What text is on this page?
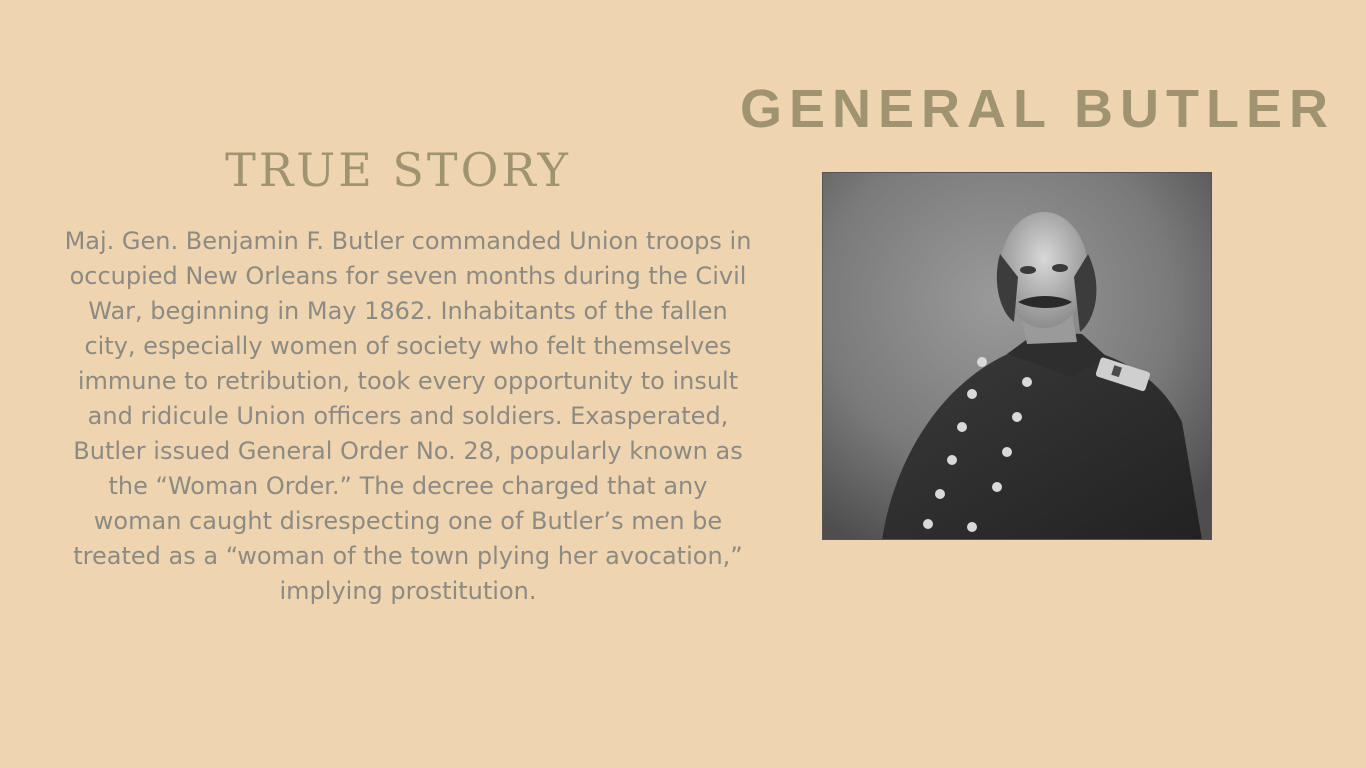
GENERAL BUTLER
TRUE STORY
Maj. Gen. Benjamin F. Butler commanded Union troops in occupied New Orleans for seven months during the Civil War, beginning in May 1862. Inhabitants of the fallen city, especially women of society who felt themselves immune to retribution, took every opportunity to insult and ridicule Union officers and soldiers. Exasperated, Butler issued General Order No. 28, popularly known as the “Woman Order.” The decree charged that any woman caught disrespecting one of Butler’s men be treated as a “woman of the town plying her avocation,” implying prostitution.
